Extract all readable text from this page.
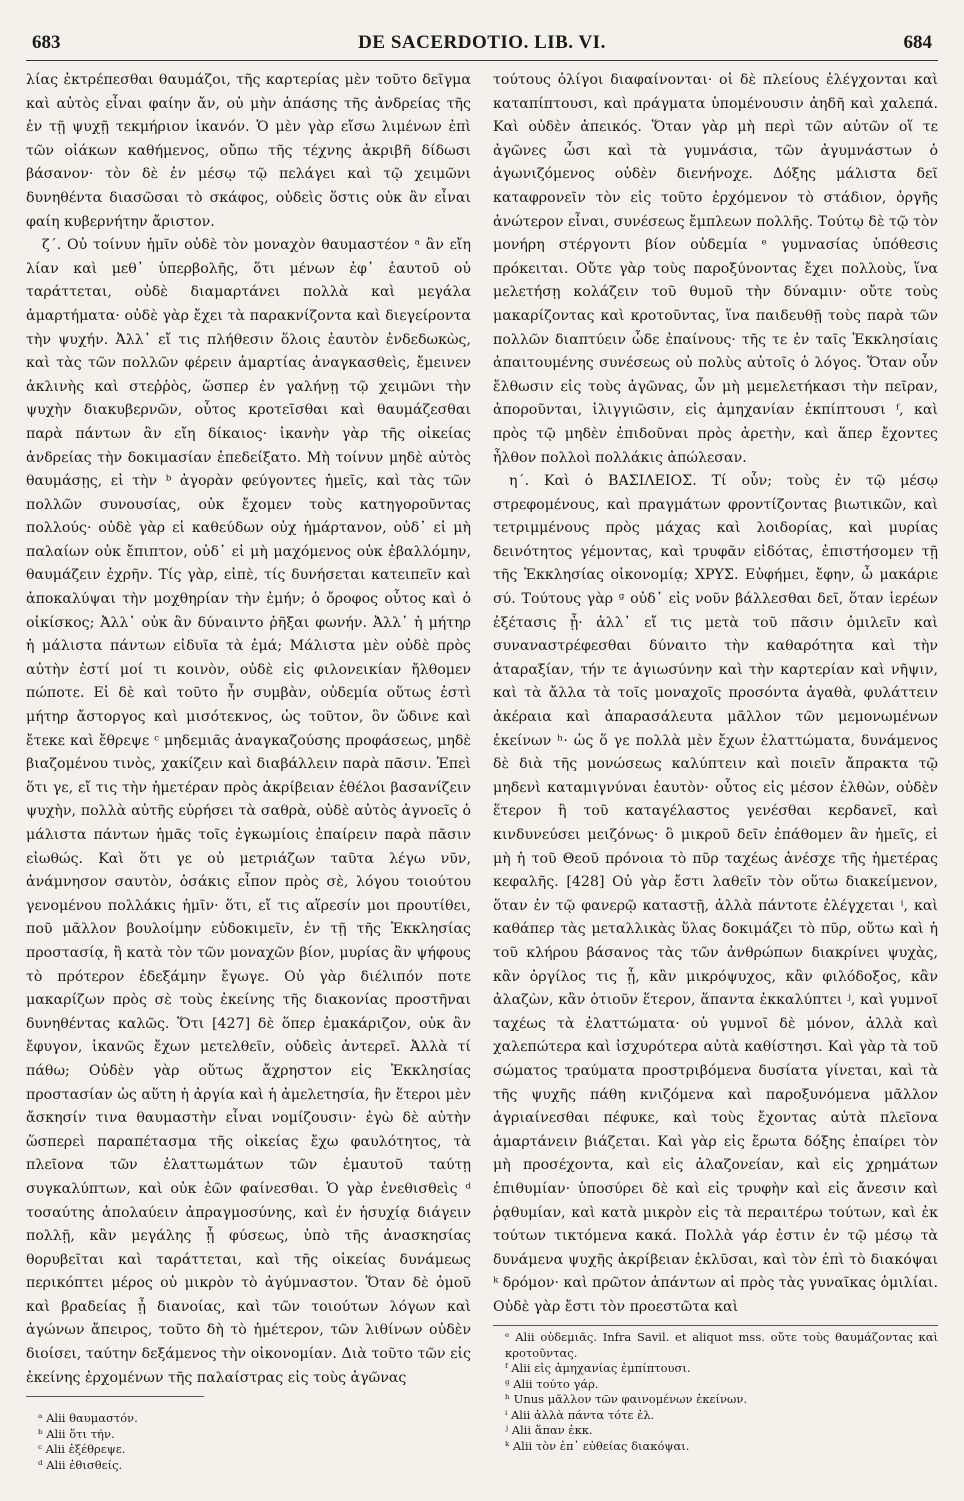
683	DE SACERDOTIO. LIB. VI.	684

λίας ἐκτρέπεσθαι θαυμάζοι, τῆς καρτερίας μὲν τοῦτο δεῖγμα καὶ αὐτὸς εἶναι φαίην ἄν, οὐ μὴν ἁπάσης τῆς ἀνδρείας τῆς ἐν τῇ ψυχῇ τεκμήριον ἱκανόν. Ὁ μὲν γὰρ εἴσω λιμένων ἐπὶ τῶν οἰάκων καθήμενος, οὔπω τῆς τέχνης ἀκριβῆ δίδωσι βάσανον· τὸν δὲ ἐν μέσῳ τῷ πελάγει καὶ τῷ χειμῶνι δυνηθέντα διασῶσαι τὸ σκάφος, οὐδεὶς ὅστις οὐκ ἂν εἶναι φαίη κυβερνήτην ἄριστον.

ζ΄. Οὐ τοίνυν ἡμῖν οὐδὲ τὸν μοναχὸν θαυμαστέον ᵃ ἂν εἴη λίαν καὶ μεθ᾽ ὑπερβολῆς, ὅτι μένων ἐφ᾽ ἑαυτοῦ οὐ ταράττεται, οὐδὲ διαμαρτάνει πολλὰ καὶ μεγάλα ἁμαρτήματα· οὐδὲ γὰρ ἔχει τὰ παρακνίζοντα καὶ διεγείροντα τὴν ψυχήν. Ἀλλ᾽ εἴ τις πλήθεσιν ὅλοις ἑαυτὸν ἐνδεδωκὼς, καὶ τὰς τῶν πολλῶν φέρειν ἁμαρτίας ἀναγκασθεὶς, ἔμεινεν ἀκλινὴς καὶ στεῤῥὸς, ὥσπερ ἐν γαλήνῃ τῷ χειμῶνι τὴν ψυχὴν διακυβερνῶν, οὗτος κροτεῖσθαι καὶ θαυμάζεσθαι παρὰ πάντων ἂν εἴη δίκαιος· ἱκανὴν γὰρ τῆς οἰκείας ἀνδρείας τὴν δοκιμασίαν ἐπεδείξατο. Μὴ τοίνυν μηδὲ αὐτὸς θαυμάσῃς, εἰ τὴν ᵇ ἀγορὰν φεύγοντες ἡμεῖς, καὶ τὰς τῶν πολλῶν συνουσίας, οὐκ ἔχομεν τοὺς κατηγοροῦντας πολλούς· οὐδὲ γὰρ εἰ καθεύδων οὐχ ἡμάρτανον, οὐδ᾽ εἰ μὴ παλαίων οὐκ ἔπιπτον, οὐδ᾽ εἰ μὴ μαχόμενος οὐκ ἐβαλλόμην, θαυμάζειν ἐχρῆν. Τίς γὰρ, εἰπὲ, τίς δυνήσεται κατειπεῖν καὶ ἀποκαλύψαι τὴν μοχθηρίαν τὴν ἐμήν; ὁ ὄροφος οὗτος καὶ ὁ οἰκίσκος; Ἀλλ᾽ οὐκ ἂν δύναιντο ῥῆξαι φωνήν. Ἀλλ᾽ ἡ μήτηρ ἡ μάλιστα πάντων εἰδυῖα τὰ ἐμά; Μάλιστα μὲν οὐδὲ πρὸς αὐτὴν ἐστί μοί τι κοινὸν, οὐδὲ εἰς φιλονεικίαν ἤλθομεν πώποτε. Εἰ δὲ καὶ τοῦτο ἦν συμβὰν, οὐδεμία οὕτως ἐστὶ μήτηρ ἄστοργος καὶ μισότεκνος, ὡς τοῦτον, ὃν ὤδινε καὶ ἔτεκε καὶ ἔθρεψε ᶜ μηδεμιᾶς ἀναγκαζούσης προφάσεως, μηδὲ βιαζομένου τινὸς, χακίζειν καὶ διαβάλλειν παρὰ πᾶσιν. Ἐπεὶ ὅτι γε, εἴ τις τὴν ἡμετέραν πρὸς ἀκρίβειαν ἐθέλοι βασανίζειν ψυχὴν, πολλὰ αὐτῆς εὑρήσει τὰ σαθρὰ, οὐδὲ αὐτὸς ἀγνοεῖς ὁ μάλιστα πάντων ἡμᾶς τοῖς ἐγκωμίοις ἐπαίρειν παρὰ πᾶσιν εἰωθώς. Καὶ ὅτι γε οὐ μετριάζων ταῦτα λέγω νῦν, ἀνάμνησον σαυτὸν, ὁσάκις εἶπον πρὸς σὲ, λόγου τοιούτου γενομένου πολλάκις ἡμῖν· ὅτι, εἴ τις αἵρεσίν μοι προυτίθει, ποῦ μᾶλλον βουλοίμην εὐδοκιμεῖν, ἐν τῇ τῆς Ἐκκλησίας προστασίᾳ, ἢ κατὰ τὸν τῶν μοναχῶν βίον, μυρίας ἂν ψήφους τὸ πρότερον ἐδεξάμην ἔγωγε. Οὐ γὰρ διέλιπόν ποτε μακαρίζων πρὸς σὲ τοὺς ἐκείνης τῆς διακονίας προστῆναι δυνηθέντας καλῶς. Ὅτι [427] δὲ ὅπερ ἐμακάριζον, οὐκ ἂν ἔφυγον, ἱκανῶς ἔχων μετελθεῖν, οὐδεὶς ἀντερεῖ. Ἀλλὰ τί πάθω; Οὐδὲν γὰρ οὕτως ἄχρηστον εἰς Ἐκκλησίας προστασίαν ὡς αὕτη ἡ ἀργία καὶ ἡ ἀμελετησία, ἣν ἕτεροι μὲν ἄσκησίν τινα θαυμαστὴν εἶναι νομίζουσιν· ἐγὼ δὲ αὐτὴν ὥσπερεὶ παραπέτασμα τῆς οἰκείας ἔχω φαυλότητος, τὰ πλεῖονα τῶν ἐλαττωμάτων τῶν ἐμαυτοῦ ταύτῃ συγκαλύπτων, καὶ οὐκ ἐῶν φαίνεσθαι. Ὁ γὰρ ἐνεθισθεὶς ᵈ τοσαύτης ἀπολαύειν ἀπραγμοσύνης, καὶ ἐν ἡσυχίᾳ διάγειν πολλῇ, κἂν μεγάλης ᾖ φύσεως, ὑπὸ τῆς ἀνασκησίας θορυβεῖται καὶ ταράττεται, καὶ τῆς οἰκείας δυνάμεως περικόπτει μέρος οὐ μικρὸν τὸ ἀγύμναστον. Ὅταν δὲ ὁμοῦ καὶ βραδείας ᾖ διανοίας, καὶ τῶν τοιούτων λόγων καὶ ἀγώνων ἄπειρος, τοῦτο δὴ τὸ ἡμέτερον, τῶν λιθίνων οὐδὲν διοίσει, ταύτην δεξάμενος τὴν οἰκονομίαν. Διὰ τοῦτο τῶν εἰς ἐκείνης ἐρχομένων τῆς παλαίστρας εἰς τοὺς ἀγῶνας

ᵃ Alii θαυμαστόν.
ᵇ Alii ὅτι τήν.
ᶜ Alii ἐξέθρεψε.
ᵈ Alii ἐθισθείς.

τούτους ὀλίγοι διαφαίνονται· οἱ δὲ πλείους ἐλέγχονται καὶ καταπίπτουσι, καὶ πράγματα ὑπομένουσιν ἀηδῆ καὶ χαλεπά. Καὶ οὐδὲν ἀπεικός. Ὅταν γὰρ μὴ περὶ τῶν αὐτῶν οἵ τε ἀγῶνες ὦσι καὶ τὰ γυμνάσια, τῶν ἀγυμνάστων ὁ ἀγωνιζόμενος οὐδὲν διενήνοχε. Δόξης μάλιστα δεῖ καταφρονεῖν τὸν εἰς τοῦτο ἐρχόμενον τὸ στάδιον, ὀργῆς ἀνώτερον εἶναι, συνέσεως ἔμπλεων πολλῆς. Τούτῳ δὲ τῷ τὸν μονήρη στέργοντι βίον οὐδεμία ᵉ γυμνασίας ὑπόθεσις πρόκειται. Οὔτε γὰρ τοὺς παροξύνοντας ἔχει πολλοὺς, ἵνα μελετήσῃ κολάζειν τοῦ θυμοῦ τὴν δύναμιν· οὔτε τοὺς μακαρίζοντας καὶ κροτοῦντας, ἵνα παιδευθῇ τοὺς παρὰ τῶν πολλῶν διαπτύειν ὧδε ἐπαίνους· τῆς τε ἐν ταῖς Ἐκκλησίαις ἀπαιτουμένης συνέσεως οὐ πολὺς αὐτοῖς ὁ λόγος. Ὅταν οὖν ἔλθωσιν εἰς τοὺς ἀγῶνας, ὧν μὴ μεμελετήκασι τὴν πεῖραν, ἀποροῦνται, ἰλιγγιῶσιν, εἰς ἀμηχανίαν ἐκπίπτουσι ᶠ, καὶ πρὸς τῷ μηδὲν ἐπιδοῦναι πρὸς ἀρετὴν, καὶ ἅπερ ἔχοντες ἦλθον πολλοὶ πολλάκις ἀπώλεσαν.

η΄. Καὶ ὁ ΒΑΣΙΛΕΙΟΣ. Τί οὖν; τοὺς ἐν τῷ μέσῳ στρεφομένους, καὶ πραγμάτων φροντίζοντας βιωτικῶν, καὶ τετριμμένους πρὸς μάχας καὶ λοιδορίας, καὶ μυρίας δεινότητος γέμοντας, καὶ τρυφᾶν εἰδότας, ἐπιστήσομεν τῇ τῆς Ἐκκλησίας οἰκονομίᾳ; ΧΡΥΣ. Εὐφήμει, ἔφην, ὦ μακάριε σύ. Τούτους γὰρ ᵍ οὐδ᾽ εἰς νοῦν βάλλεσθαι δεῖ, ὅταν ἱερέων ἐξέτασις ᾖ· ἀλλ᾽ εἴ τις μετὰ τοῦ πᾶσιν ὁμιλεῖν καὶ συναναστρέφεσθαι δύναιτο τὴν καθαρότητα καὶ τὴν ἀταραξίαν, τήν τε ἁγιωσύνην καὶ τὴν καρτερίαν καὶ νῆψιν, καὶ τὰ ἄλλα τὰ τοῖς μοναχοῖς προσόντα ἀγαθὰ, φυλάττειν ἀκέραια καὶ ἀπαρασάλευτα μᾶλλον τῶν μεμονωμένων ἐκείνων ʰ· ὡς ὅ γε πολλὰ μὲν ἔχων ἐλαττώματα, δυνάμενος δὲ διὰ τῆς μονώσεως καλύπτειν καὶ ποιεῖν ἄπρακτα τῷ μηδενὶ καταμιγνύναι ἑαυτὸν· οὗτος εἰς μέσον ἐλθὼν, οὐδὲν ἕτερον ἢ τοῦ καταγέλαστος γενέσθαι κερδανεῖ, καὶ κινδυνεύσει μειζόνως· ὃ μικροῦ δεῖν ἐπάθομεν ἂν ἡμεῖς, εἰ μὴ ἡ τοῦ Θεοῦ πρόνοια τὸ πῦρ ταχέως ἀνέσχε τῆς ἡμετέρας κεφαλῆς. [428] Οὐ γὰρ ἔστι λαθεῖν τὸν οὕτω διακείμενον, ὅταν ἐν τῷ φανερῷ καταστῇ, ἀλλὰ πάντοτε ἐλέγχεται ⁱ, καὶ καθάπερ τὰς μεταλλικὰς ὕλας δοκιμάζει τὸ πῦρ, οὕτω καὶ ἡ τοῦ κλήρου βάσανος τὰς τῶν ἀνθρώπων διακρίνει ψυχὰς, κἂν ὀργίλος τις ᾖ, κἂν μικρόψυχος, κἂν φιλόδοξος, κἂν ἀλαζὼν, κἂν ὁτιοῦν ἕτερον, ἅπαντα ἐκκαλύπτει ʲ, καὶ γυμνοῖ ταχέως τὰ ἐλαττώματα· οὐ γυμνοῖ δὲ μόνον, ἀλλὰ καὶ χαλεπώτερα καὶ ἰσχυρότερα αὐτὰ καθίστησι. Καὶ γὰρ τὰ τοῦ σώματος τραύματα προστριβόμενα δυσίατα γίνεται, καὶ τὰ τῆς ψυχῆς πάθη κνιζόμενα καὶ παροξυνόμενα μᾶλλον ἀγριαίνεσθαι πέφυκε, καὶ τοὺς ἔχοντας αὐτὰ πλεῖονα ἁμαρτάνειν βιάζεται. Καὶ γὰρ εἰς ἔρωτα δόξης ἐπαίρει τὸν μὴ προσέχοντα, καὶ εἰς ἀλαζονείαν, καὶ εἰς χρημάτων ἐπιθυμίαν· ὑποσύρει δὲ καὶ εἰς τρυφὴν καὶ εἰς ἄνεσιν καὶ ῥᾳθυμίαν, καὶ κατὰ μικρὸν εἰς τὰ περαιτέρω τούτων, καὶ ἐκ τούτων τικτόμενα κακά. Πολλὰ γάρ ἐστιν ἐν τῷ μέσῳ τὰ δυνάμενα ψυχῆς ἀκρίβειαν ἐκλῦσαι, καὶ τὸν ἐπὶ τὸ διακόψαι ᵏ δρόμον· καὶ πρῶτον ἁπάντων αἱ πρὸς τὰς γυναῖκας ὁμιλίαι. Οὐδὲ γὰρ ἔστι τὸν προεστῶτα καὶ

ᵉ Alii οὐδεμιᾶς. Infra Savil. et aliquot mss. οὔτε τοὺς θαυμάζοντας καὶ κροτοῦντας.
ᶠ Alii εἰς ἀμηχανίας ἐμπίπτουσι.
ᵍ Alii τούτο γάρ.
ʰ Unus μᾶλλον τῶν φαινομένων ἐκείνων.
ⁱ Alii ἀλλὰ πάντα τότε ἐλ.
ʲ Alii ἅπαν ἐκκ.
ᵏ Alii τὸν ἐπ᾽ εὐθείας διακόψαι.
